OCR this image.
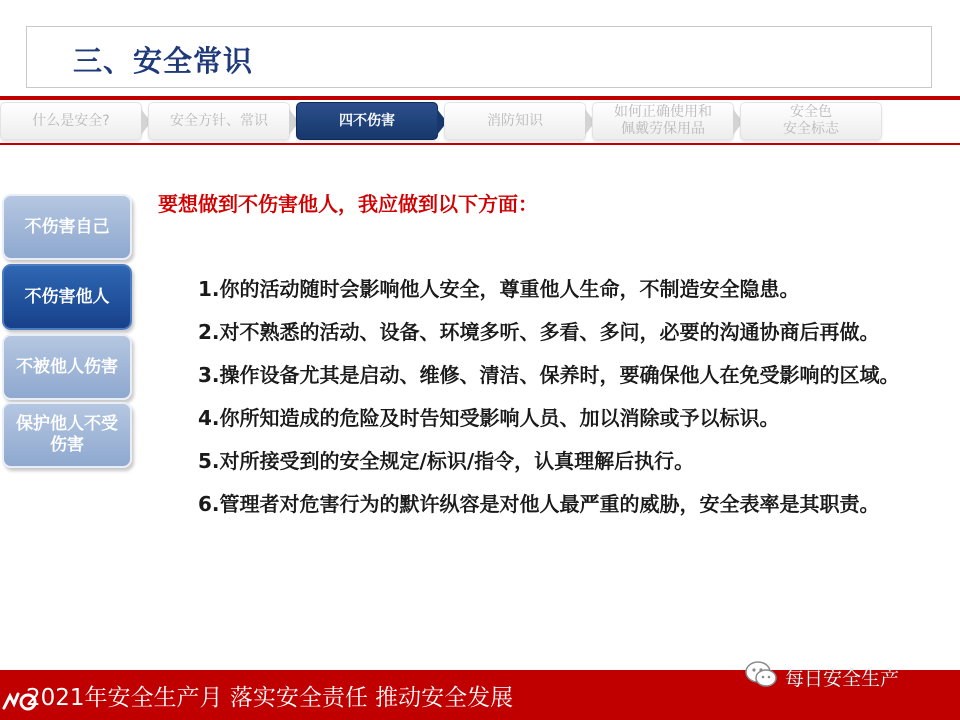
三、安全常识
什么是安全?	安全方针、常识	四不伤害	消防知识
如何正确使用和
佩戴劳保用品
安全色
安全标志
不伤害自己
不伤害他人
不被他人伤害
保护他人不受
伤害
要想做到不伤害他人，我应做到以下方面：
1.你的活动随时会影响他人安全，尊重他人生命，不制造安全隐患。
2.对不熟悉的活动、设备、环境多听、多看、多问，必要的沟通协商后再做。
3.操作设备尤其是启动、维修、清洁、保养时，要确保他人在免受影响的区域。
4.你所知造成的危险及时告知受影响人员、加以消除或予以标识。
5.对所接受到的安全规定/标识/指令，认真理解后执行。
6.管理者对危害行为的默许纵容是对他人最严重的威胁，安全表率是其职责。
2021年安全生产月 落实安全责任 推动安全发展
每日安全生产
